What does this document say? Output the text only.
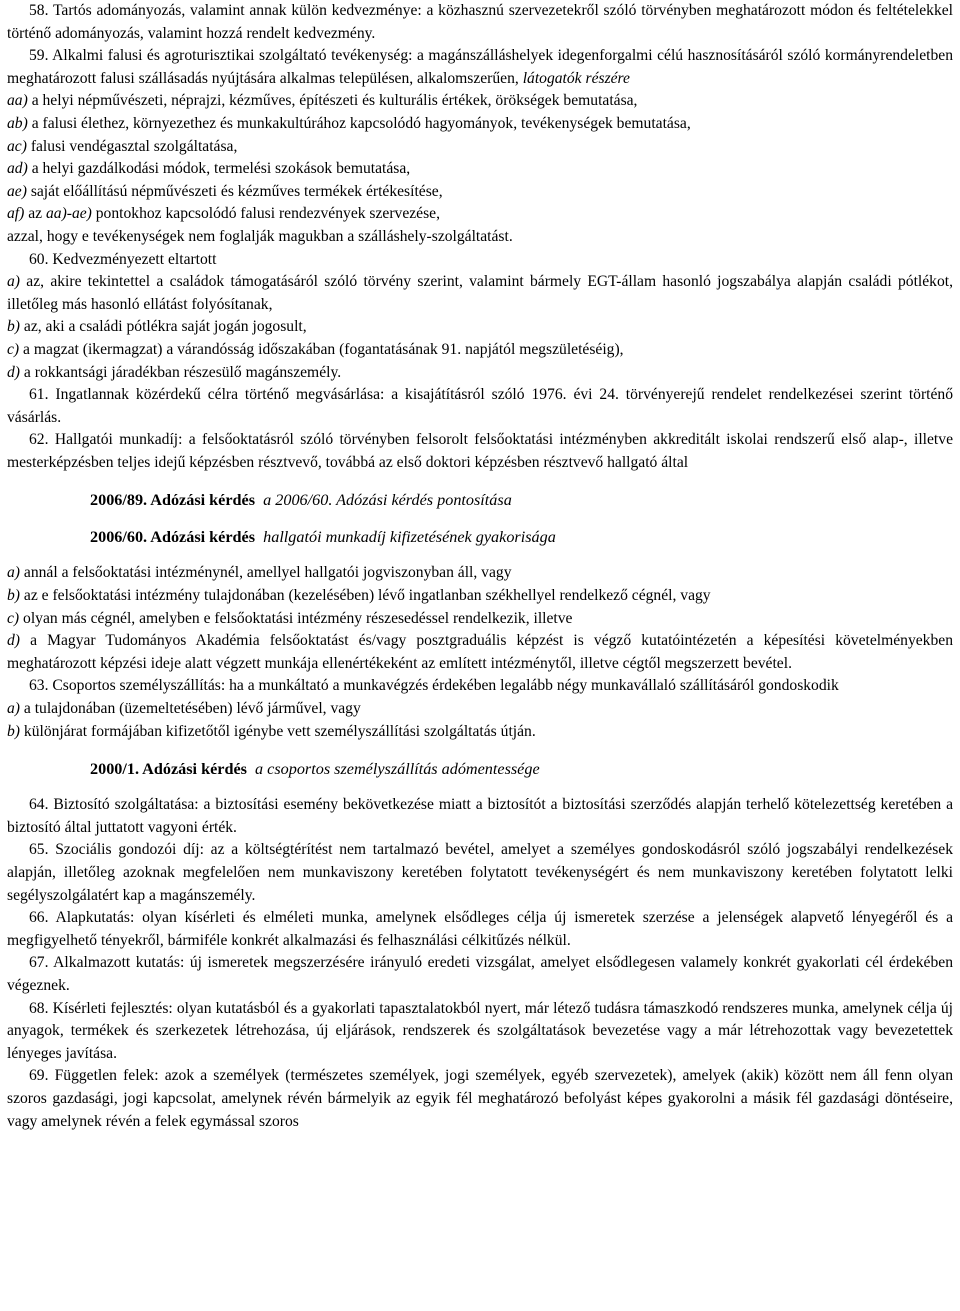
58. Tartós adományozás, valamint annak külön kedvezménye: a közhasznú szervezetekről szóló törvényben meghatározott módon és feltételekkel történő adományozás, valamint hozzá rendelt kedvezmény.

59. Alkalmi falusi és agroturisztikai szolgáltató tevékenység: a magánszálláshelyek idegenforgalmi célú hasznosításáról szóló kormányrendeletben meghatározott falusi szállásadás nyújtására alkalmas településen, alkalomszerűen, látogatók részére

aa) a helyi népművészeti, néprajzi, kézműves, építészeti és kulturális értékek, örökségek bemutatása,

ab) a falusi élethez, környezethez és munkakultúrához kapcsolódó hagyományok, tevékenységek bemutatása,

ac) falusi vendégasztal szolgáltatása,

ad) a helyi gazdálkodási módok, termelési szokások bemutatása,

ae) saját előállítású népművészeti és kézműves termékek értékesítése,

af) az aa)-ae) pontokhoz kapcsolódó falusi rendezvények szervezése,

azzal, hogy e tevékenységek nem foglalják magukban a szálláshely-szolgáltatást.

60. Kedvezményezett eltartott

a) az, akire tekintettel a családok támogatásáról szóló törvény szerint, valamint bármely EGT-állam hasonló jogszabálya alapján családi pótlékot, illetőleg más hasonló ellátást folyósítanak,

b) az, aki a családi pótlékra saját jogán jogosult,

c) a magzat (ikermagzat) a várandósság időszakában (fogantatásának 91. napjától megszületéséig),

d) a rokkantsági járadékban részesülő magánszemély.

61. Ingatlannak közérdekű célra történő megvásárlása: a kisajátításról szóló 1976. évi 24. törvényerejű rendelet rendelkezései szerint történő vásárlás.

62. Hallgatói munkadíj: a felsőoktatásról szóló törvényben felsorolt felsőoktatási intézményben akkreditált iskolai rendszerű első alap-, illetve mesterképzésben teljes idejű képzésben résztvevő, továbbá az első doktori képzésben résztvevő hallgató által

2006/89. Adózási kérdés a 2006/60. Adózási kérdés pontosítása
2006/60. Adózási kérdés hallgatói munkadíj kifizetésének gyakorisága

a) annál a felsőoktatási intézménynél, amellyel hallgatói jogviszonyban áll, vagy

b) az e felsőoktatási intézmény tulajdonában (kezelésében) lévő ingatlanban székhellyel rendelkező cégnél, vagy

c) olyan más cégnél, amelyben e felsőoktatási intézmény részesedéssel rendelkezik, illetve

d) a Magyar Tudományos Akadémia felsőoktatást és/vagy posztgraduális képzést is végző kutatóintézetén a képesítési követelményekben meghatározott képzési ideje alatt végzett munkája ellenértékeként az említett intézménytől, illetve cégtől megszerzett bevétel.

63. Csoportos személyszállítás: ha a munkáltató a munkavégzés érdekében legalább négy munkavállaló szállításáról gondoskodik

a) a tulajdonában (üzemeltetésében) lévő járművel, vagy

b) különjárat formájában kifizetőtől igénybe vett személyszállítási szolgáltatás útján.

2000/1. Adózási kérdés a csoportos személyszállítás adómentessége

64. Biztosító szolgáltatása: a biztosítási esemény bekövetkezése miatt a biztosítót a biztosítási szerződés alapján terhelő kötelezettség keretében a biztosító által juttatott vagyoni érték.

65. Szociális gondozói díj: az a költségtérítést nem tartalmazó bevétel, amelyet a személyes gondoskodásról szóló jogszabályi rendelkezések alapján, illetőleg azoknak megfelelően nem munkaviszony keretében folytatott tevékenységért és nem munkaviszony keretében folytatott lelki segélyszolgálatért kap a magánszemély.

66. Alapkutatás: olyan kísérleti és elméleti munka, amelynek elsődleges célja új ismeretek szerzése a jelenségek alapvető lényegéről és a megfigyelhető tényekről, bármiféle konkrét alkalmazási és felhasználási célkitűzés nélkül.

67. Alkalmazott kutatás: új ismeretek megszerzésére irányuló eredeti vizsgálat, amelyet elsődlegesen valamely konkrét gyakorlati cél érdekében végeznek.

68. Kísérleti fejlesztés: olyan kutatásból és a gyakorlati tapasztalatokból nyert, már létező tudásra támaszkodó rendszeres munka, amelynek célja új anyagok, termékek és szerkezetek létrehozása, új eljárások, rendszerek és szolgáltatások bevezetése vagy a már létrehozottak vagy bevezetettek lényeges javítása.

69. Független felek: azok a személyek (természetes személyek, jogi személyek, egyéb szervezetek), amelyek (akik) között nem áll fenn olyan szoros gazdasági, jogi kapcsolat, amelynek révén bármelyik az egyik fél meghatározó befolyást képes gyakorolni a másik fél gazdasági döntéseire, vagy amelynek révén a felek egymással szoros
